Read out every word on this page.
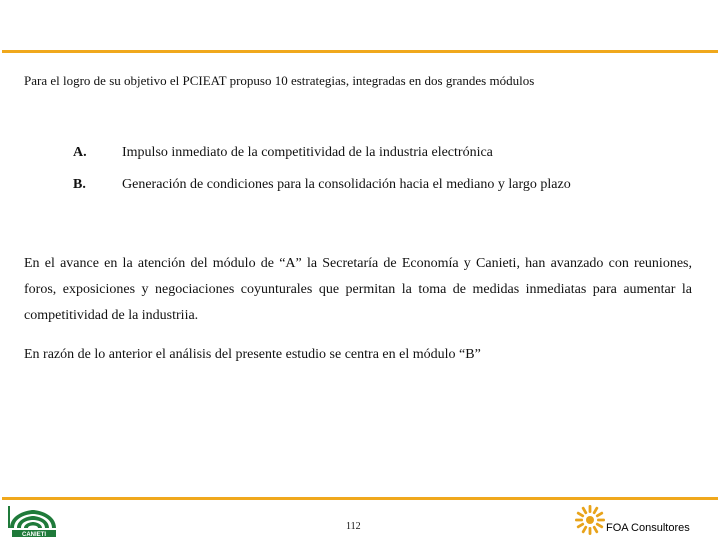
Para el logro de su objetivo el PCIEAT propuso 10 estrategias, integradas en dos grandes módulos
A.	Impulso inmediato de la competitividad de la industria electrónica
B.	Generación de condiciones para la consolidación hacia el mediano y largo plazo
En el avance en la atención del módulo de “A” la Secretaría de Economía y Canieti, han avanzado con reuniones, foros, exposiciones y negociaciones coyunturales que permitan la toma de medidas inmediatas para aumentar la competitividad de la industriia.
En razón de lo anterior el análisis del presente estudio se centra en el módulo “B”
CANIETI
112	FOA Consultores
